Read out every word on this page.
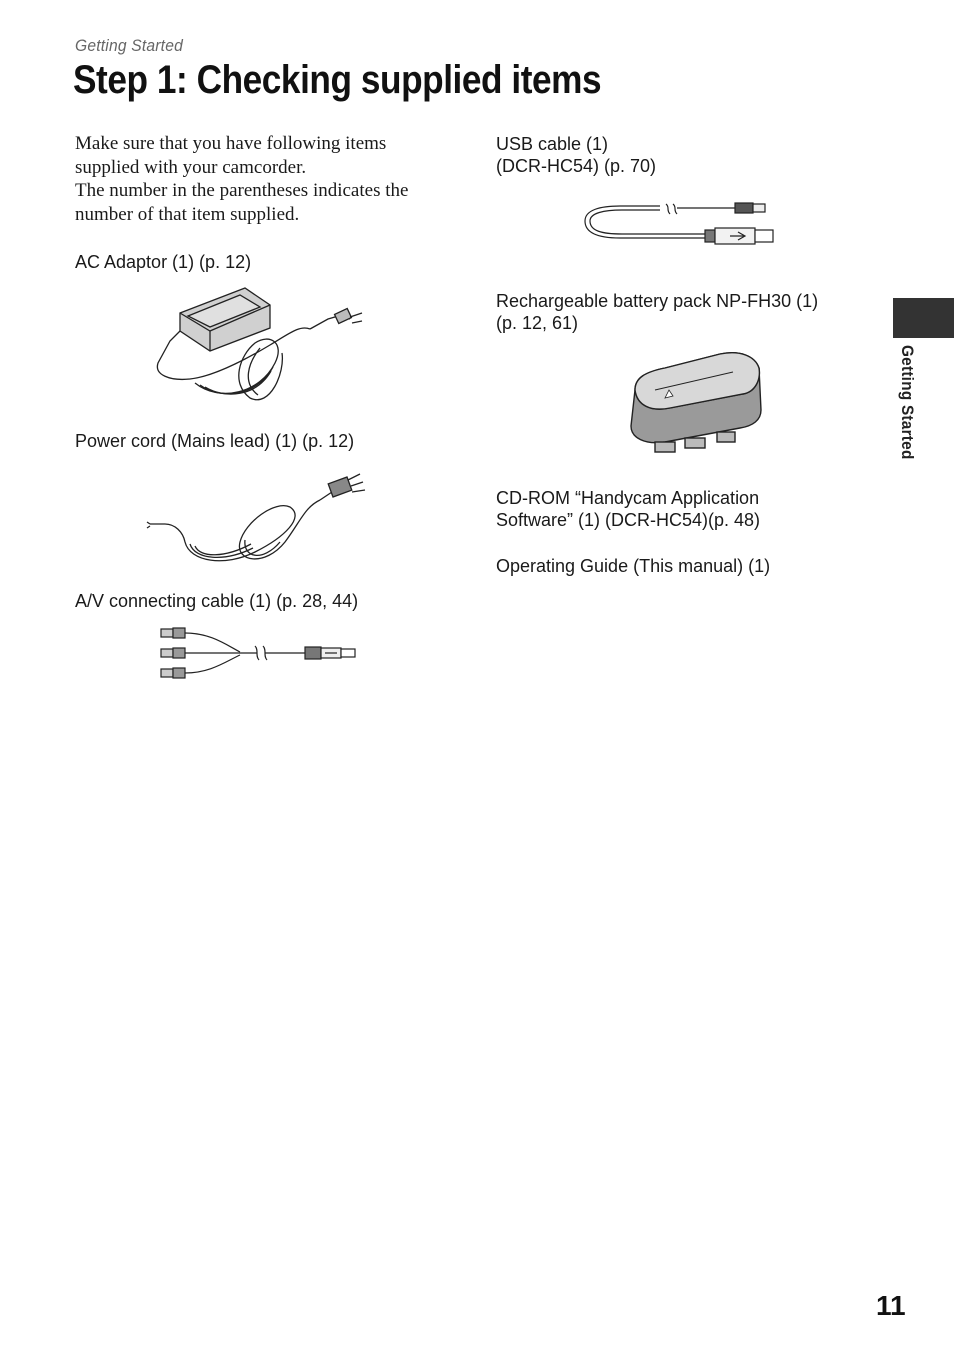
Getting Started
Step 1: Checking supplied items

Make sure that you have following items supplied with your camcorder.

The number in the parentheses indicates the number of that item supplied.

AC Adaptor (1) (p. 12)
Power cord (Mains lead) (1) (p. 12)
A/V connecting cable (1) (p. 28, 44)
USB cable (1)
(DCR-HC54) (p. 70)
Rechargeable battery pack NP-FH30 (1)
(p. 12, 61)
CD-ROM “Handycam Application
Software” (1) (DCR-HC54)(p. 48)
Operating Guide (This manual) (1)
Getting Started
11
